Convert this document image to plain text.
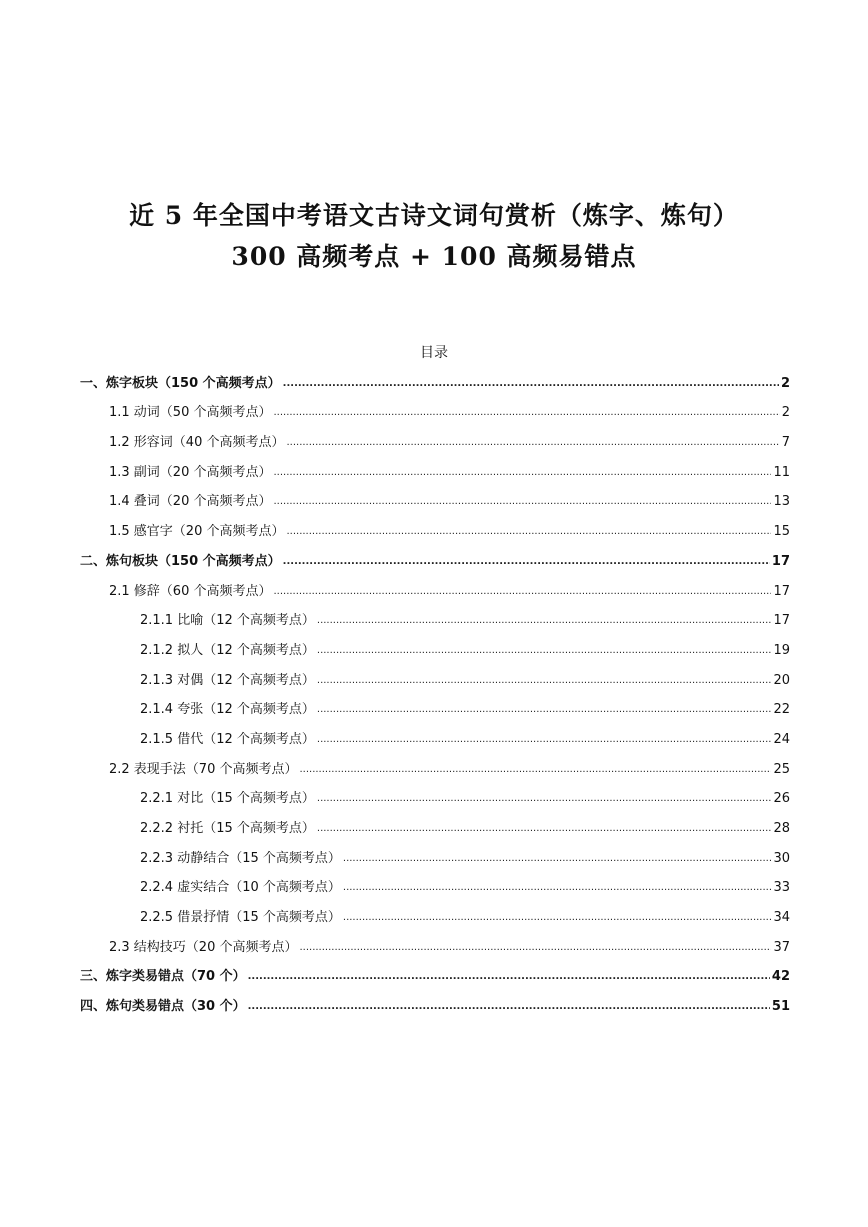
近 5 年全国中考语文古诗文词句赏析（炼字、炼句）
300 高频考点 + 100 高频易错点
目录
一、炼字板块（150 个高频考点） .....	2
1.1 动词（50 个高频考点） .....	2
1.2 形容词（40 个高频考点） .....	7
1.3 副词（20 个高频考点） .....	11
1.4 叠词（20 个高频考点） .....	13
1.5 感官字（20 个高频考点） .....	15
二、炼句板块（150 个高频考点） .....	17
2.1 修辞（60 个高频考点） .....	17
2.1.1 比喻（12 个高频考点） .....	17
2.1.2 拟人（12 个高频考点） .....	19
2.1.3 对偶（12 个高频考点） .....	20
2.1.4 夸张（12 个高频考点） .....	22
2.1.5 借代（12 个高频考点） .....	24
2.2 表现手法（70 个高频考点） .....	25
2.2.1 对比（15 个高频考点） .....	26
2.2.2 衬托（15 个高频考点） .....	28
2.2.3 动静结合（15 个高频考点） .....	30
2.2.4 虚实结合（10 个高频考点） .....	33
2.2.5 借景抒情（15 个高频考点） .....	34
2.3 结构技巧（20 个高频考点） .....	37
三、炼字类易错点（70 个） .....	42
四、炼句类易错点（30 个） .....	51
